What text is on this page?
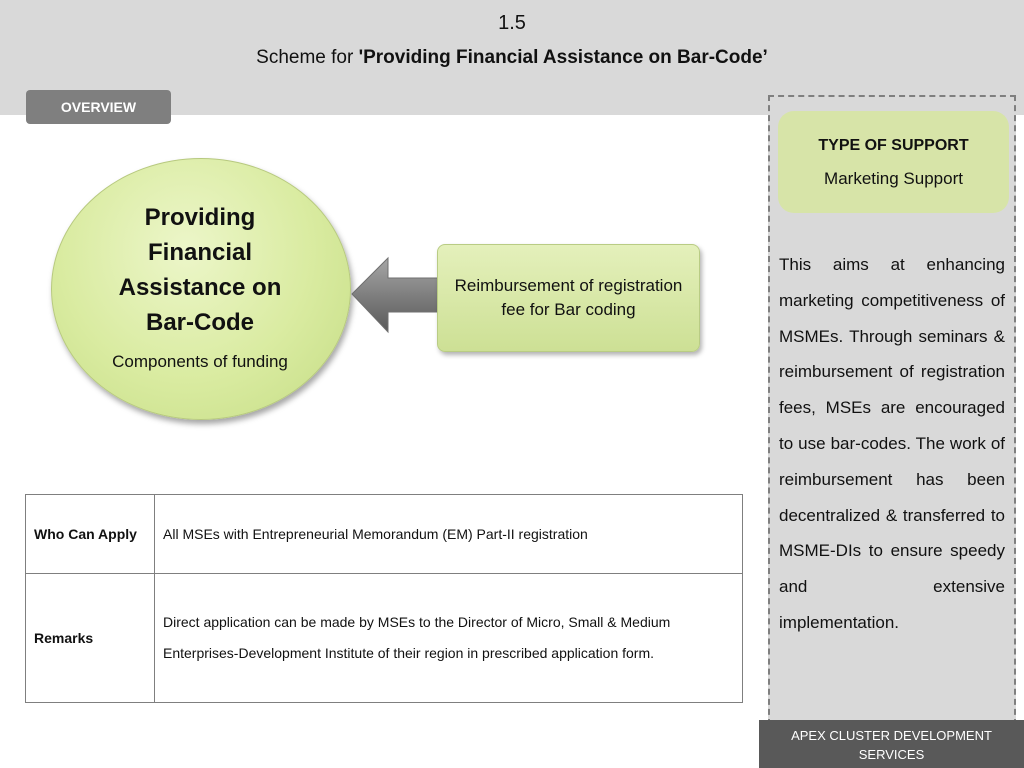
1.5
Scheme for 'Providing Financial Assistance on Bar-Code’
OVERVIEW
Providing Financial Assistance on Bar-Code
Components of funding
Reimbursement of registration fee for Bar coding
Who Can Apply	All MSEs with Entrepreneurial Memorandum (EM) Part-II registration
Remarks	Direct application can be made by MSEs to the Director of Micro, Small & Medium Enterprises-Development Institute of their region in prescribed application form.
TYPE OF SUPPORT
Marketing Support
This aims at enhancing marketing competitiveness of MSMEs. Through seminars & reimbursement of registration fees, MSEs are encouraged to use bar-codes. The work of reimbursement has been decentralized & transferred to MSME-DIs to ensure speedy and extensive implementation.
APEX CLUSTER DEVELOPMENT SERVICES
